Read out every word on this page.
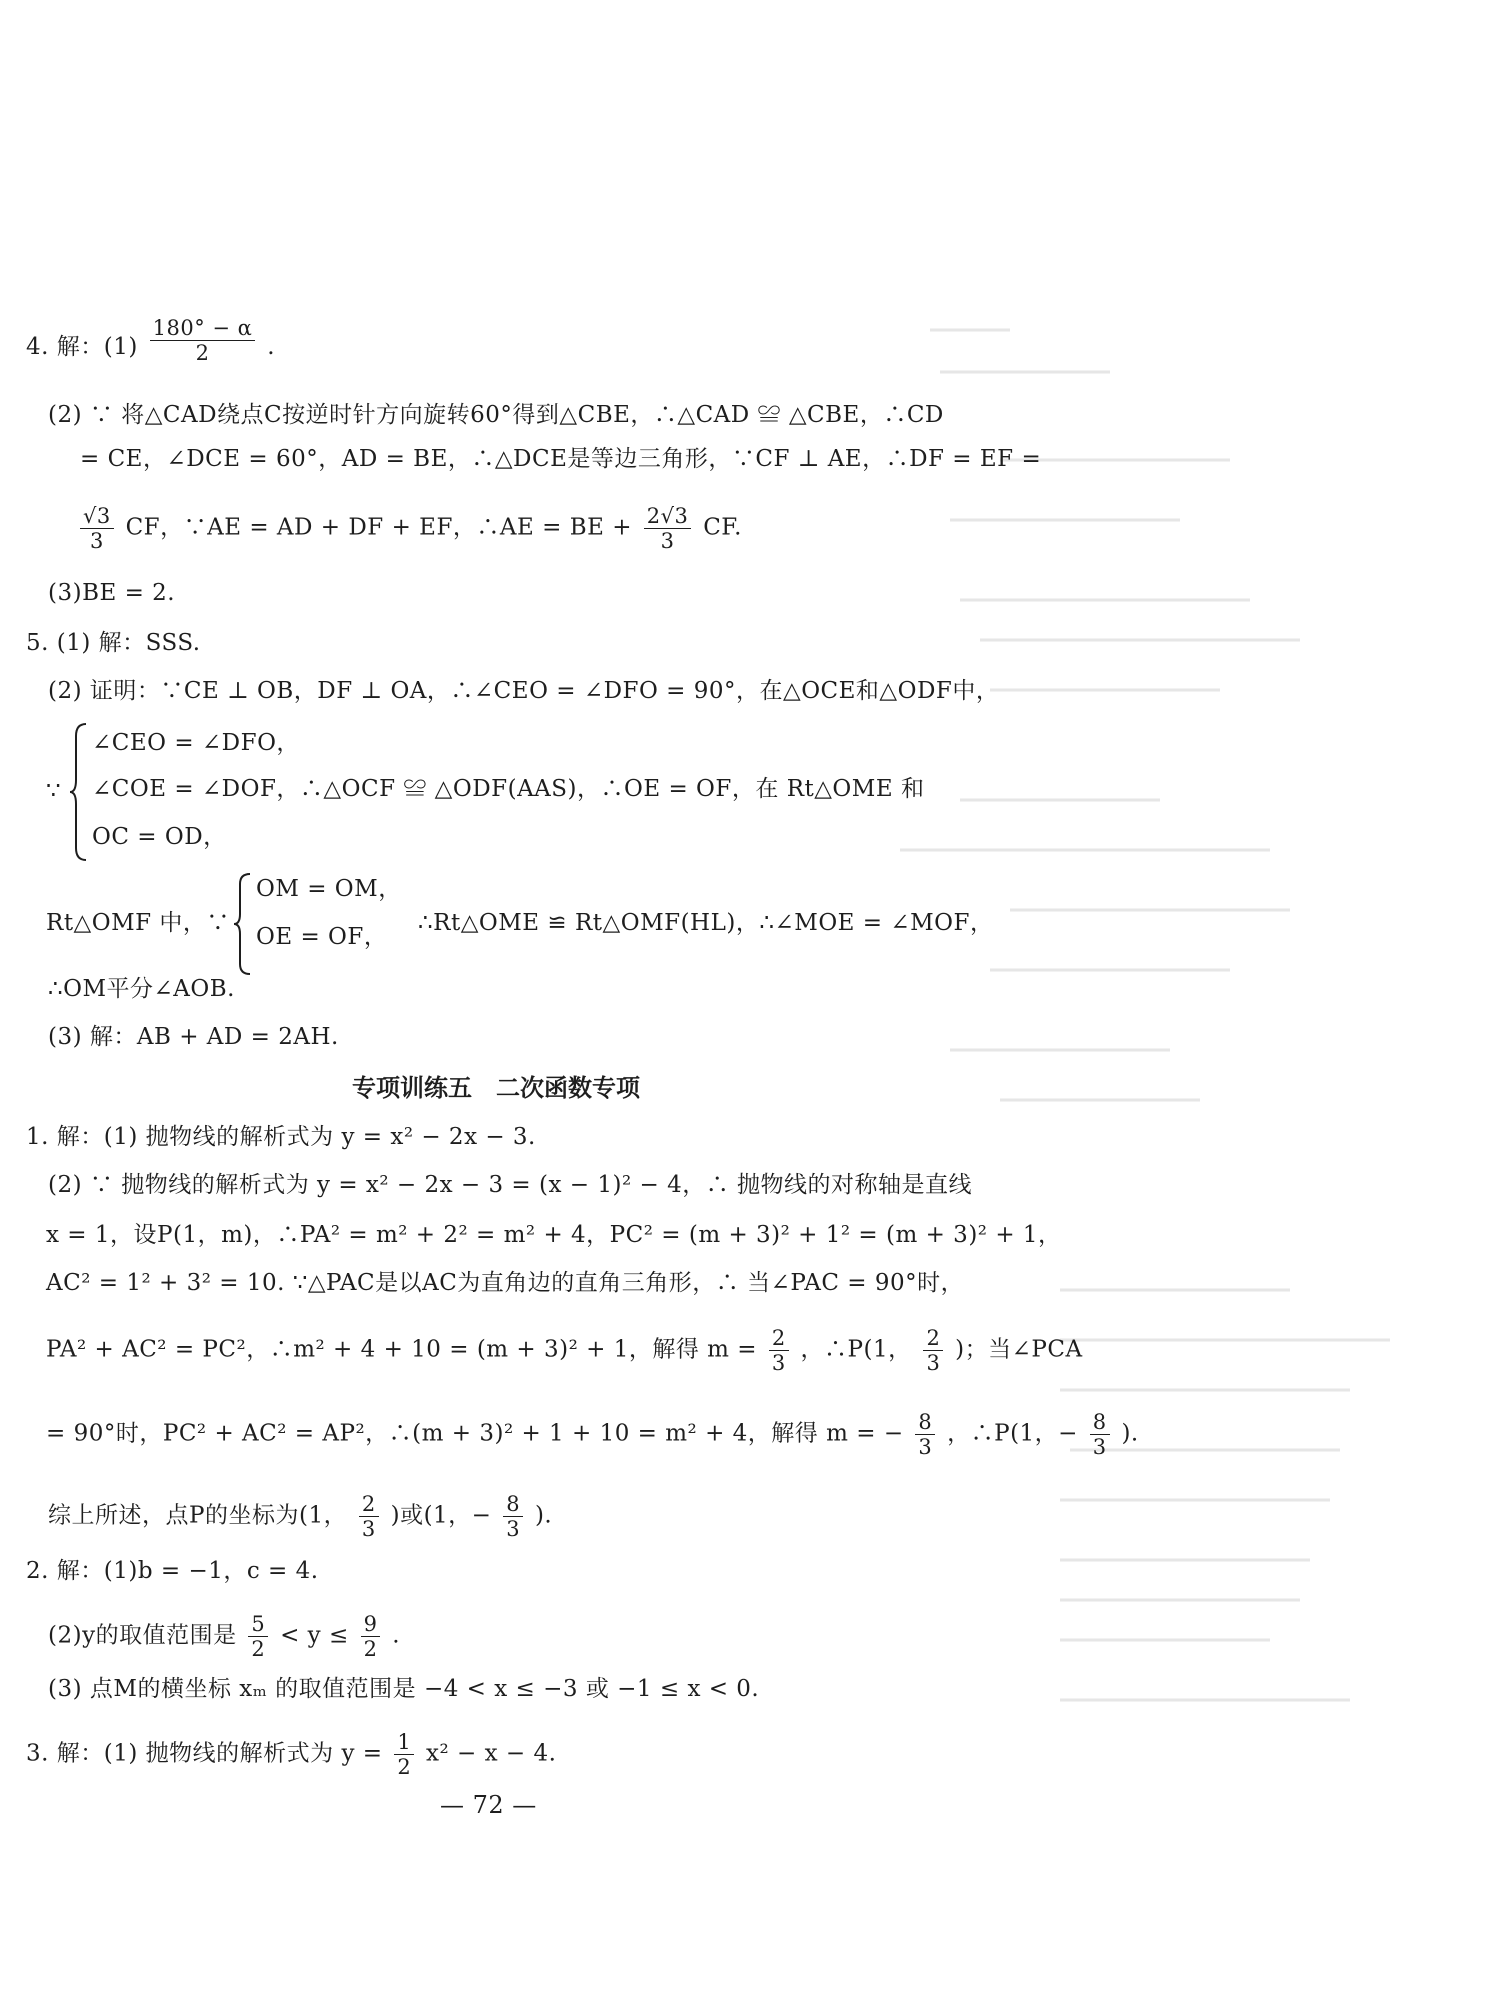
4. 解：$(1) \frac{180^\circ - \alpha}{2}$ .
(2) ∵ 将△CAD绕点C按逆时针方向旋转60°得到△CBE，∴△CAD ≌ △CBE，∴CD
= CE，∠DCE = 60°，AD = BE，∴△DCE是等边三角形，∵CF ⊥ AE，∴DF = EF =
$\frac{√3}{3}$ CF，∵AE = AD + DF + EF，∴AE = BE + $\frac{2√3}{3}$ CF.
(3)BE = 2.
5. (1) 解：SSS.
(2) 证明：∵CE ⊥ OB，DF ⊥ OA，∴∠CEO = ∠DFO = 90°，在△OCE和△ODF中，
∵
∠CEO = ∠DFO，
∠COE = ∠DOF，∴△OCF ≌ △ODF(AAS)，∴OE = OF，在 Rt△OME 和
OC = OD，
Rt△OMF 中，∵
OM = OM，
OE = OF，
∴Rt△OME ≌ Rt△OMF(HL)，∴∠MOE = ∠MOF，
∴OM平分∠AOB.
(3) 解：AB + AD = 2AH.
专项训练五　二次函数专项
1. 解：(1) 抛物线的解析式为 y = x² − 2x − 3.
(2) ∵ 抛物线的解析式为 y = x² − 2x − 3 = (x − 1)² − 4，∴ 抛物线的对称轴是直线
x = 1，设P(1，m)，∴PA² = m² + 2² = m² + 4，PC² = (m + 3)² + 1² = (m + 3)² + 1，
AC² = 1² + 3² = 10. ∵△PAC是以AC为直角边的直角三角形，∴ 当∠PAC = 90°时，
PA² + AC² = PC²，∴m² + 4 + 10 = (m + 3)² + 1，解得 $m = \frac{2}{3}$ ，∴P(1， $\frac{2}{3}$ )；当∠PCA
= 90°时，PC² + AC² = AP²，∴(m + 3)² + 1 + 10 = m² + 4，解得 m = − $\frac{8}{3}$ ，∴P(1，− $\frac{8}{3}$ ).
综上所述，点P的坐标为(1， $\frac{2}{3}$ )或(1，− $\frac{8}{3}$ ).
2. 解：(1)b = −1，c = 4.
(2)y的取值范围是 $\frac{5}{2} < y \le \frac{9}{2}$ .
(3) 点M的横坐标 xₘ 的取值范围是 −4 < x ≤ −3 或 −1 ≤ x < 0.
3. 解：(1) 抛物线的解析式为 $y = \frac{1}{2} x^2 - x - 4$.
— 72 —
